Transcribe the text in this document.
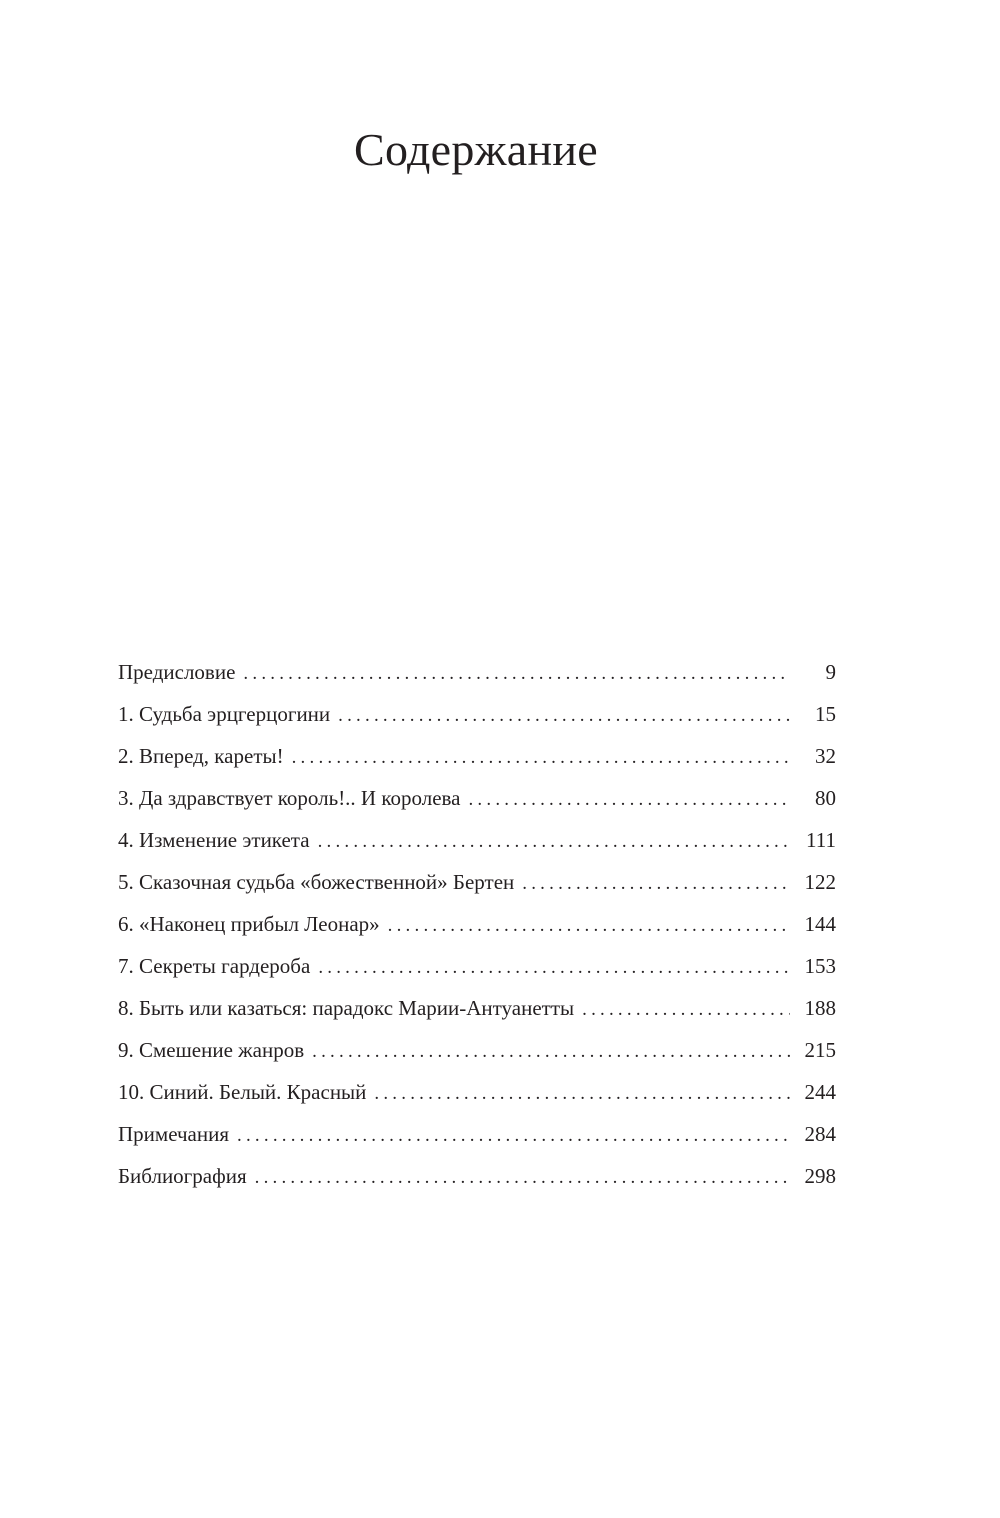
Содержание
Предисловие .....	9
1. Судьба эрцгерцогини .....	15
2. Вперед, кареты! .....	32
3. Да здравствует король!.. И королева .....	80
4. Изменение этикета .....	111
5. Сказочная судьба «божественной» Бертен .....	122
6. «Наконец прибыл Леонар» .....	144
7. Секреты гардероба .....	153
8. Быть или казаться: парадокс Марии-Антуанетты .....	188
9. Смешение жанров .....	215
10. Синий. Белый. Красный .....	244
Примечания .....	284
Библиография .....	298
